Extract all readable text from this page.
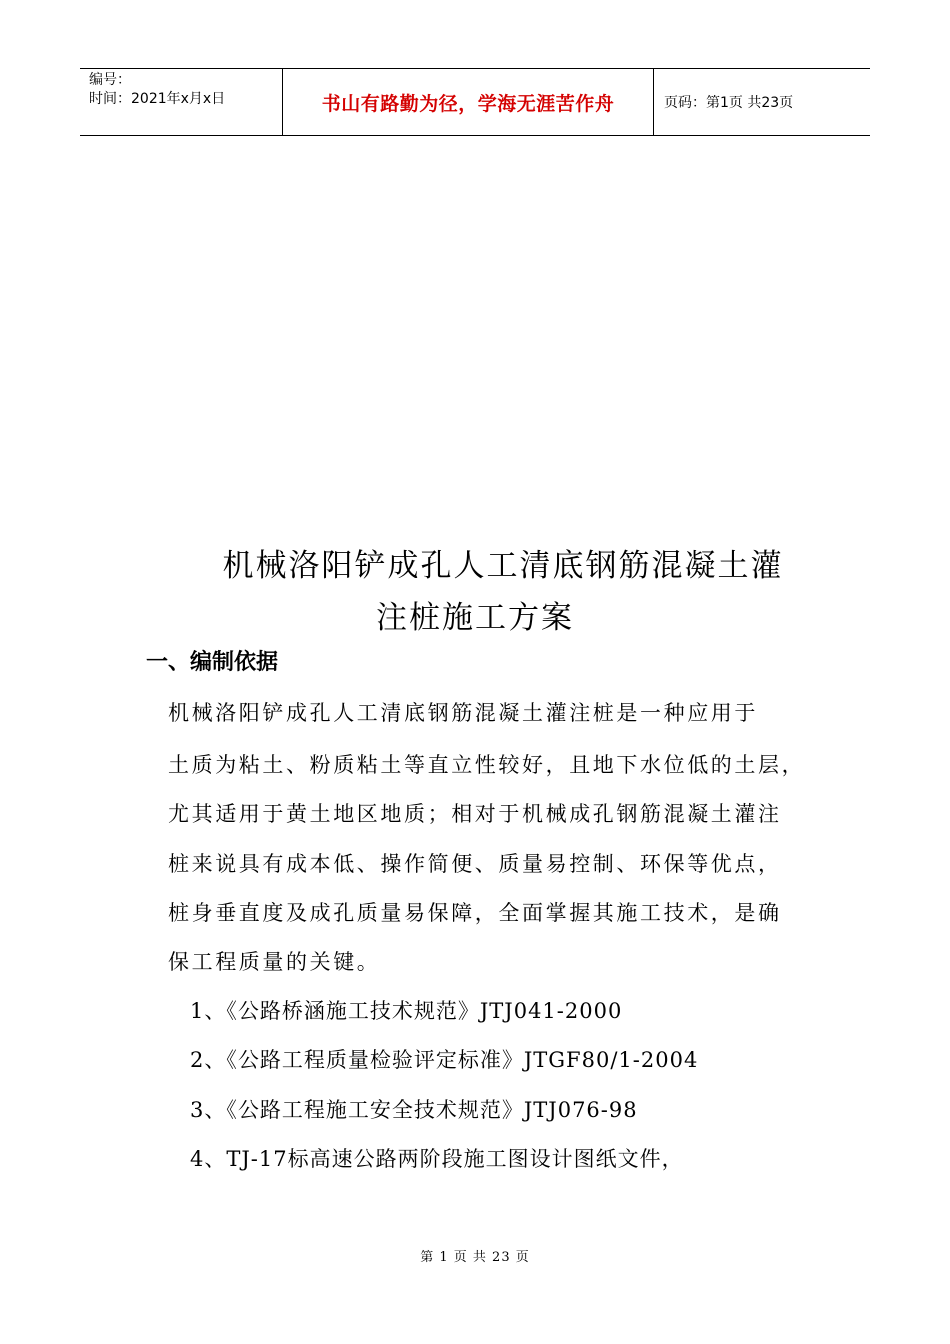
编号：
时间：2021年x月x日	书山有路勤为径，学海无涯苦作舟	页码：第1页 共23页
机械洛阳铲成孔人工清底钢筋混凝土灌
注桩施工方案
一、编制依据
机械洛阳铲成孔人工清底钢筋混凝土灌注桩是一种应用于
土质为粘土、粉质粘土等直立性较好，且地下水位低的土层，
尤其适用于黄土地区地质；相对于机械成孔钢筋混凝土灌注
桩来说具有成本低、操作简便、质量易控制、环保等优点，
桩身垂直度及成孔质量易保障，全面掌握其施工技术，是确
保工程质量的关键。
1、《公路桥涵施工技术规范》JTJ041-2000
2、《公路工程质量检验评定标准》JTGF80/1-2004
3、《公路工程施工安全技术规范》JTJ076-98
4、TJ-17标高速公路两阶段施工图设计图纸文件，
第 1 页 共 23 页
